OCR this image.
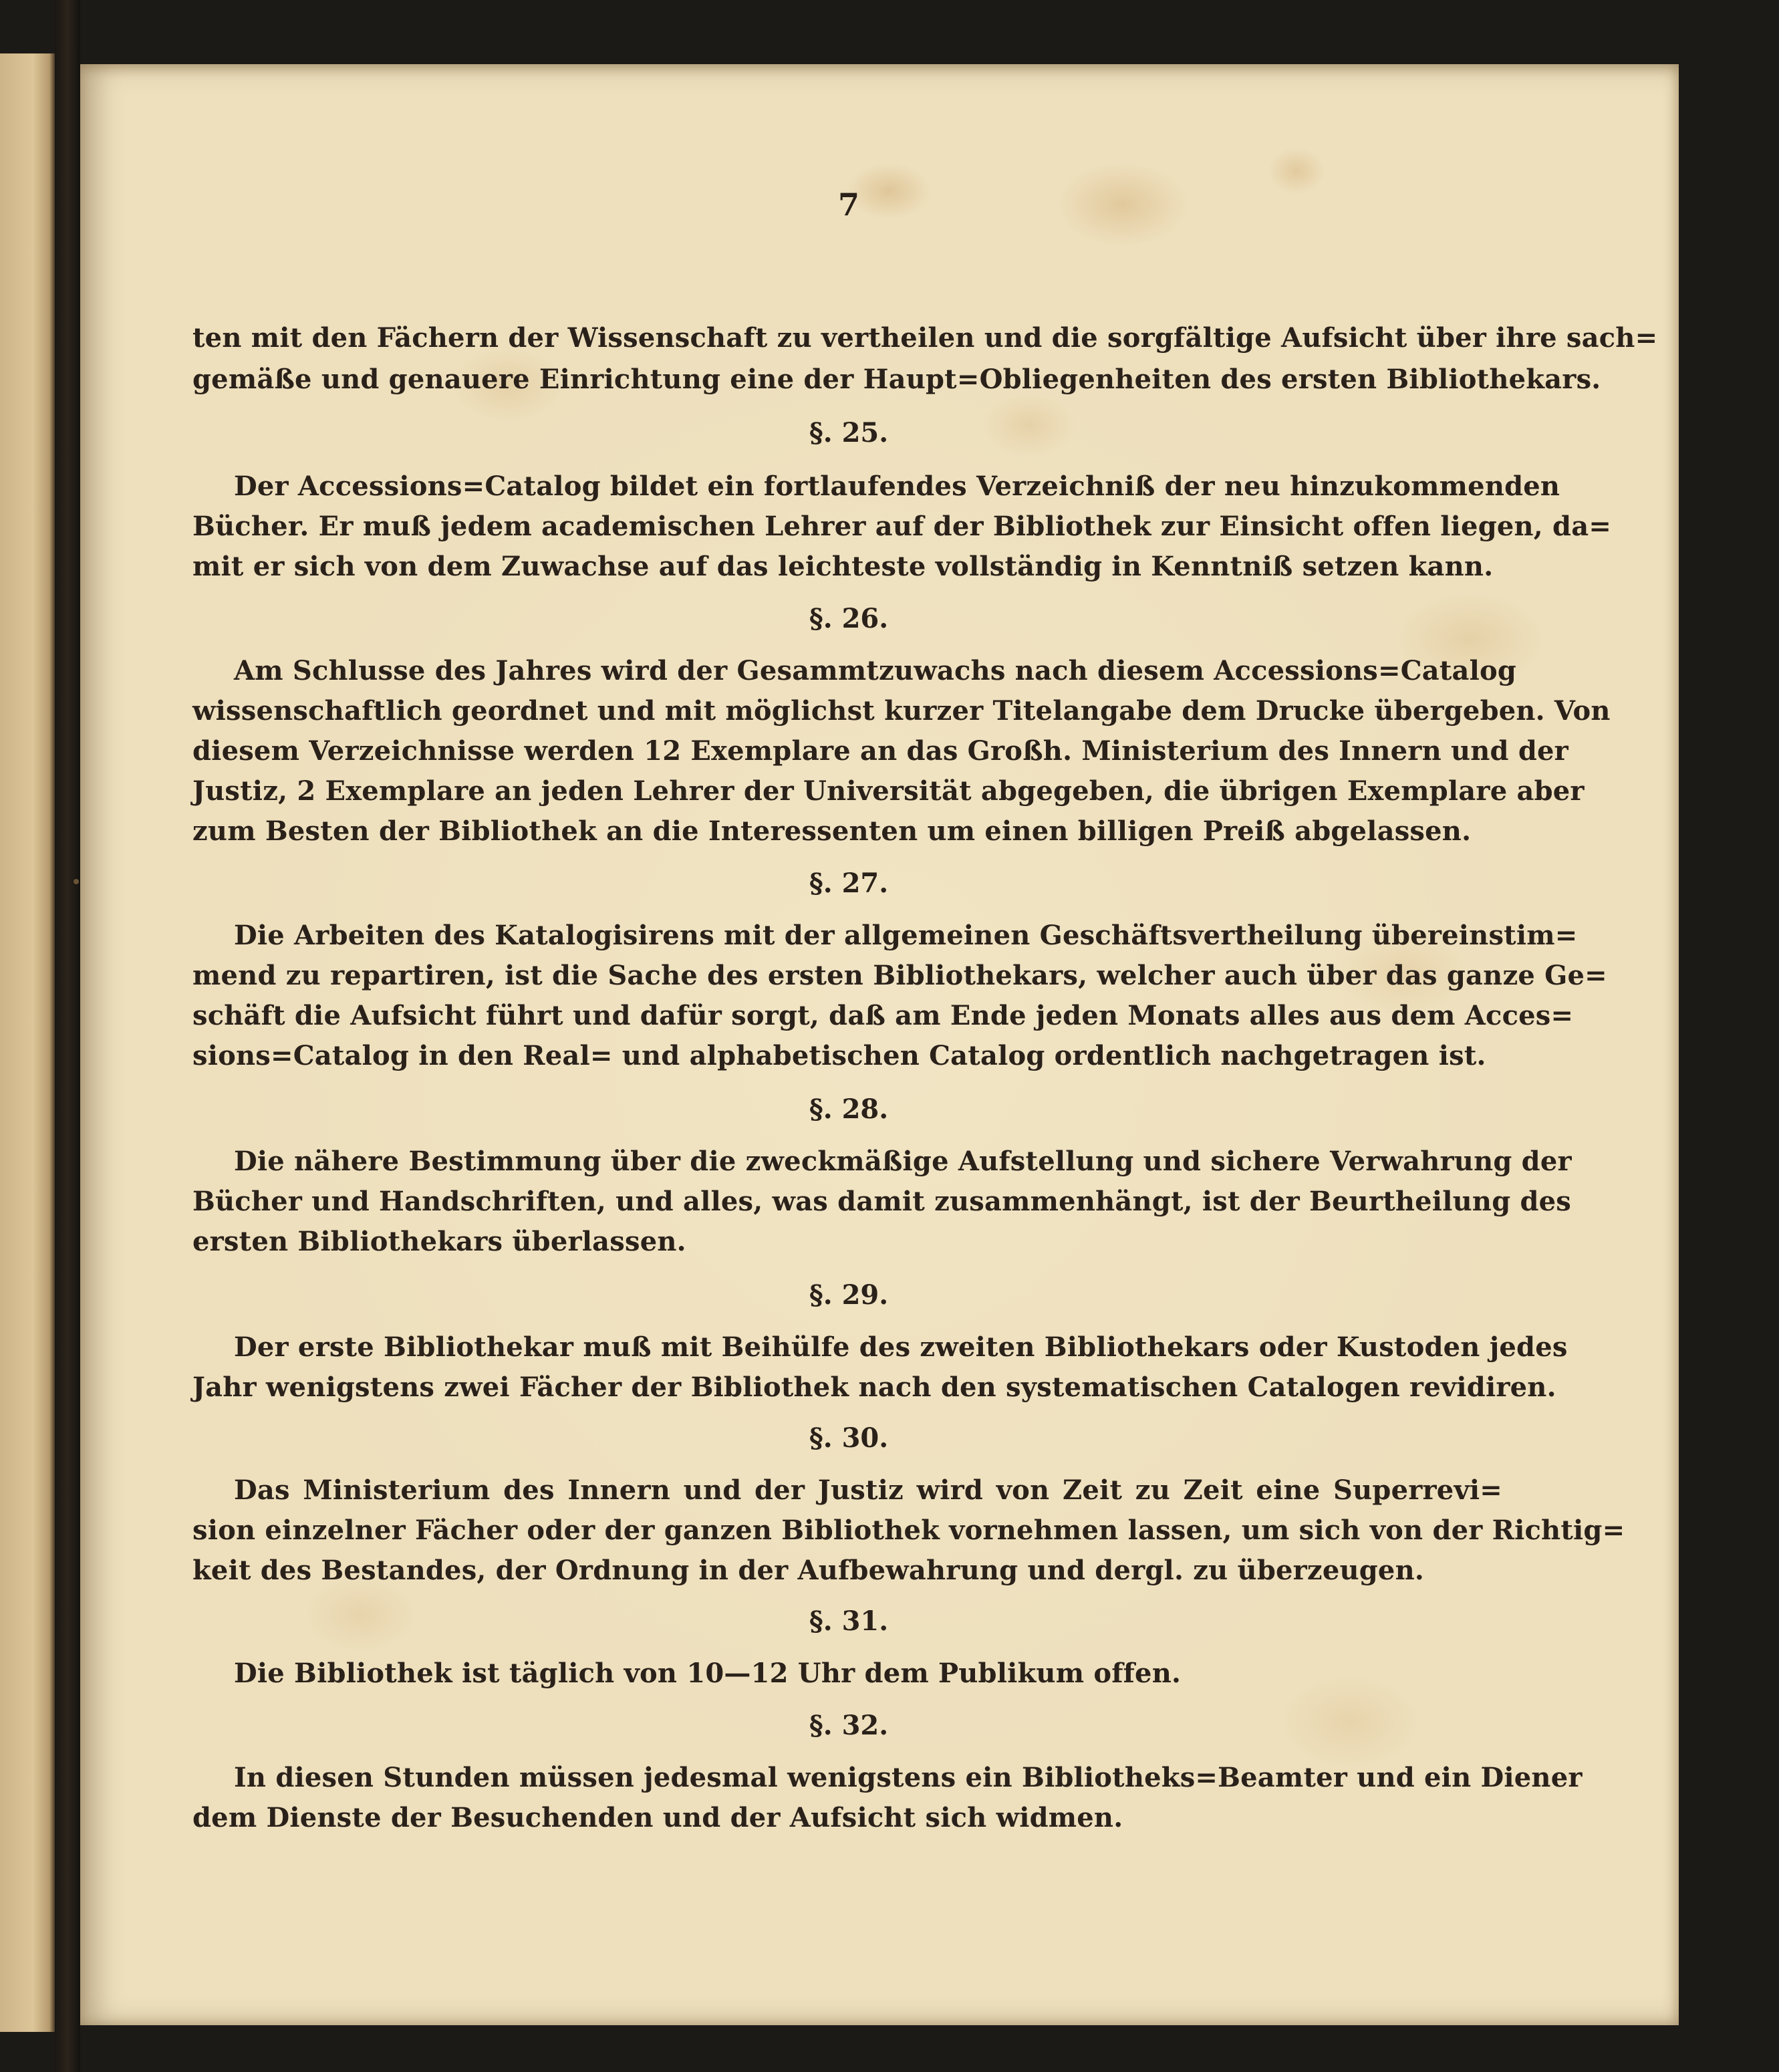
7
ten mit den Fächern der Wissenschaft zu vertheilen und die sorgfältige Aufsicht über ihre sach=
gemäße und genauere Einrichtung eine der Haupt=Obliegenheiten des ersten Bibliothekars.
§. 25.
Der Accessions=Catalog bildet ein fortlaufendes Verzeichniß der neu hinzukommenden
Bücher. Er muß jedem academischen Lehrer auf der Bibliothek zur Einsicht offen liegen, da=
mit er sich von dem Zuwachse auf das leichteste vollständig in Kenntniß setzen kann.
§. 26.
Am Schlusse des Jahres wird der Gesammtzuwachs nach diesem Accessions=Catalog
wissenschaftlich geordnet und mit möglichst kurzer Titelangabe dem Drucke übergeben. Von
diesem Verzeichnisse werden 12 Exemplare an das Großh. Ministerium des Innern und der
Justiz, 2 Exemplare an jeden Lehrer der Universität abgegeben, die übrigen Exemplare aber
zum Besten der Bibliothek an die Interessenten um einen billigen Preiß abgelassen.
§. 27.
Die Arbeiten des Katalogisirens mit der allgemeinen Geschäftsvertheilung übereinstim=
mend zu repartiren, ist die Sache des ersten Bibliothekars, welcher auch über das ganze Ge=
schäft die Aufsicht führt und dafür sorgt, daß am Ende jeden Monats alles aus dem Acces=
sions=Catalog in den Real= und alphabetischen Catalog ordentlich nachgetragen ist.
§. 28.
Die nähere Bestimmung über die zweckmäßige Aufstellung und sichere Verwahrung der
Bücher und Handschriften, und alles, was damit zusammenhängt, ist der Beurtheilung des
ersten Bibliothekars überlassen.
§. 29.
Der erste Bibliothekar muß mit Beihülfe des zweiten Bibliothekars oder Kustoden jedes
Jahr wenigstens zwei Fächer der Bibliothek nach den systematischen Catalogen revidiren.
§. 30.
Das Ministerium des Innern und der Justiz wird von Zeit zu Zeit eine Superrevi=
sion einzelner Fächer oder der ganzen Bibliothek vornehmen lassen, um sich von der Richtig=
keit des Bestandes, der Ordnung in der Aufbewahrung und dergl. zu überzeugen.
§. 31.
Die Bibliothek ist täglich von 10—12 Uhr dem Publikum offen.
§. 32.
In diesen Stunden müssen jedesmal wenigstens ein Bibliotheks=Beamter und ein Diener
dem Dienste der Besuchenden und der Aufsicht sich widmen.
